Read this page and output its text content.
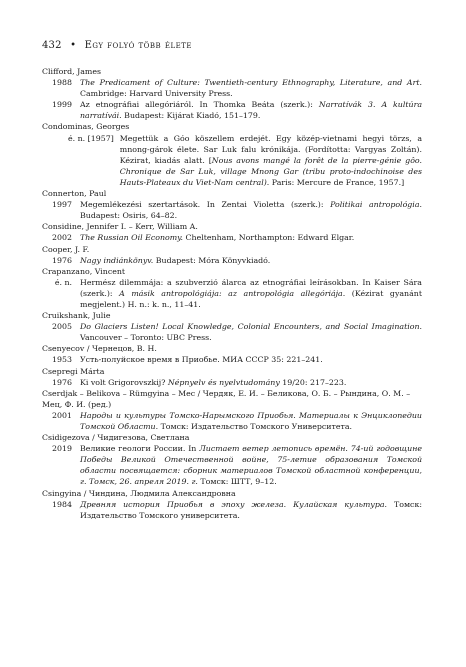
432 • Egy folyó több élete
Clifford, James
1988	The Predicament of Culture: Twentieth-century Ethnography, Literature, and Art. Cambridge: Harvard University Press.
1999	Az etnográfiai allegóriáról. In Thomka Beáta (szerk.): Narratívák 3. A kultúra narratívái. Budapest: Kijárat Kiadó, 151–179.
Condominas, Georges
é. n. [1957] Megettük a Góo köszellem erdejét. Egy közép-vietnami hegyi törzs, a mnong-gárok élete. Sar Luk falu krónikája. (Fordította: Vargyas Zoltán). Kézirat, kiadás alatt. [Nous avons mangé la forêt de la pierre-génie gôo. Chronique de Sar Luk, village Mnong Gar (tribu proto-indochinoise des Hauts-Plateaux du Viet-Nam central). Paris: Mercure de France, 1957.]
Connerton, Paul
1997	Megemlékezési szertartások. In Zentai Violetta (szerk.): Politikai antropológia. Budapest: Osiris, 64–82.
Considine, Jennifer I. – Kerr, William A.
2002	The Russian Oil Economy. Cheltenham, Northampton: Edward Elgar.
Cooper, J. F.
1976	Nagy indiánkönyv. Budapest: Móra Könyvkiadó.
Crapanzano, Vincent
é. n.	Hermész dilemmája: a szubverzió álarca az etnográfiai leírásokban. In Kaiser Sára (szerk.): A másik antropológiája: az antropológia allegóriája. (Kézirat gyanánt megjelent.) H. n.: k. n., 11–41.
Cruikshank, Julie
2005	Do Glaciers Listen! Local Knowledge, Colonial Encounters, and Social Imagination. Vancouver – Toronto: UBC Press.
Csenyecov / Чернецов, В. Н.
1953	Усть-полуйское время в Приобье. МИА СССР 35: 221–241.
Csepregi Márta
1976	Ki volt Grigorovszkij? Népnyelv és nyelvtudomány 19/20: 217–223.
Cserdjak – Belikova – Rümgyina – Mec / Чердяк, Е. И. – Беликова, О. Б. – Рындина, О. М. – Мец, Ф. И. (ред.)
2001	Народы и культуры Томско-Нарымского Приобья. Материалы к Энциклопедии Томской Области. Томск: Издательство Томского Университета.
Csidigezova / Чидигезова, Светлана
2019	Великие геологи России. In Листает ветер летопись времён. 74-ий годовщине Победы Великой Отечественной войне, 75-летие образования Томской области посвящается: сборник материалов Томской областной конференции, г. Томск, 26. апреля 2019. г. Томск: ШТТ, 9–12.
Csingyina / Чиндина, Людмила Александровна
1984	Древняя история Приобья в эпоху железа. Кулайская культура. Томск: Издательство Томского университета.
